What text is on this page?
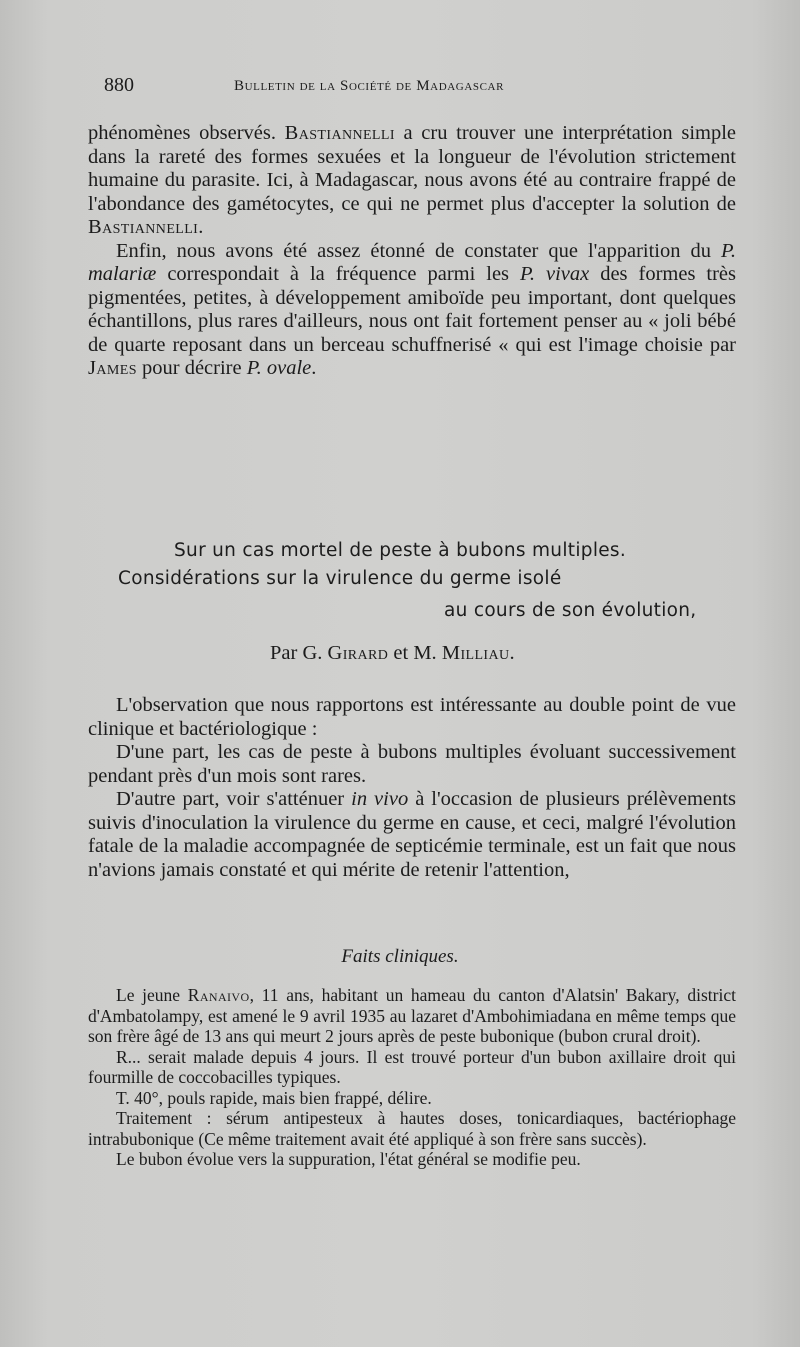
880	Bulletin de la Société de Madagascar

phénomènes observés. Bastiannelli a cru trouver une interprétation simple dans la rareté des formes sexuées et la longueur de l'évolution strictement humaine du parasite. Ici, à Madagascar, nous avons été au contraire frappé de l'abondance des gamétocytes, ce qui ne permet plus d'accepter la solution de Bastiannelli.

Enfin, nous avons été assez étonné de constater que l'apparition du P. malariæ correspondait à la fréquence parmi les P. vivax des formes très pigmentées, petites, à développement amiboïde peu important, dont quelques échantillons, plus rares d'ailleurs, nous ont fait fortement penser au « joli bébé de quarte reposant dans un berceau schuffnerisé « qui est l'image choisie par James pour décrire P. ovale.

Sur un cas mortel de peste à bubons multiples.
Considérations sur la virulence du germe isolé
au cours de son évolution,
Par G. Girard et M. Milliau.

L'observation que nous rapportons est intéressante au double point de vue clinique et bactériologique :

D'une part, les cas de peste à bubons multiples évoluant successivement pendant près d'un mois sont rares.

D'autre part, voir s'atténuer in vivo à l'occasion de plusieurs prélèvements suivis d'inoculation la virulence du germe en cause, et ceci, malgré l'évolution fatale de la maladie accompagnée de septicémie terminale, est un fait que nous n'avions jamais constaté et qui mérite de retenir l'attention,

Faits cliniques.

Le jeune Ranaivo, 11 ans, habitant un hameau du canton d'Alatsin' Bakary, district d'Ambatolampy, est amené le 9 avril 1935 au lazaret d'Ambohimiadana en même temps que son frère âgé de 13 ans qui meurt 2 jours après de peste bubonique (bubon crural droit).

R... serait malade depuis 4 jours. Il est trouvé porteur d'un bubon axillaire droit qui fourmille de coccobacilles typiques.

T. 40°, pouls rapide, mais bien frappé, délire.

Traitement : sérum antipesteux à hautes doses, tonicardiaques, bactériophage intrabubonique (Ce même traitement avait été appliqué à son frère sans succès).

Le bubon évolue vers la suppuration, l'état général se modifie peu.
